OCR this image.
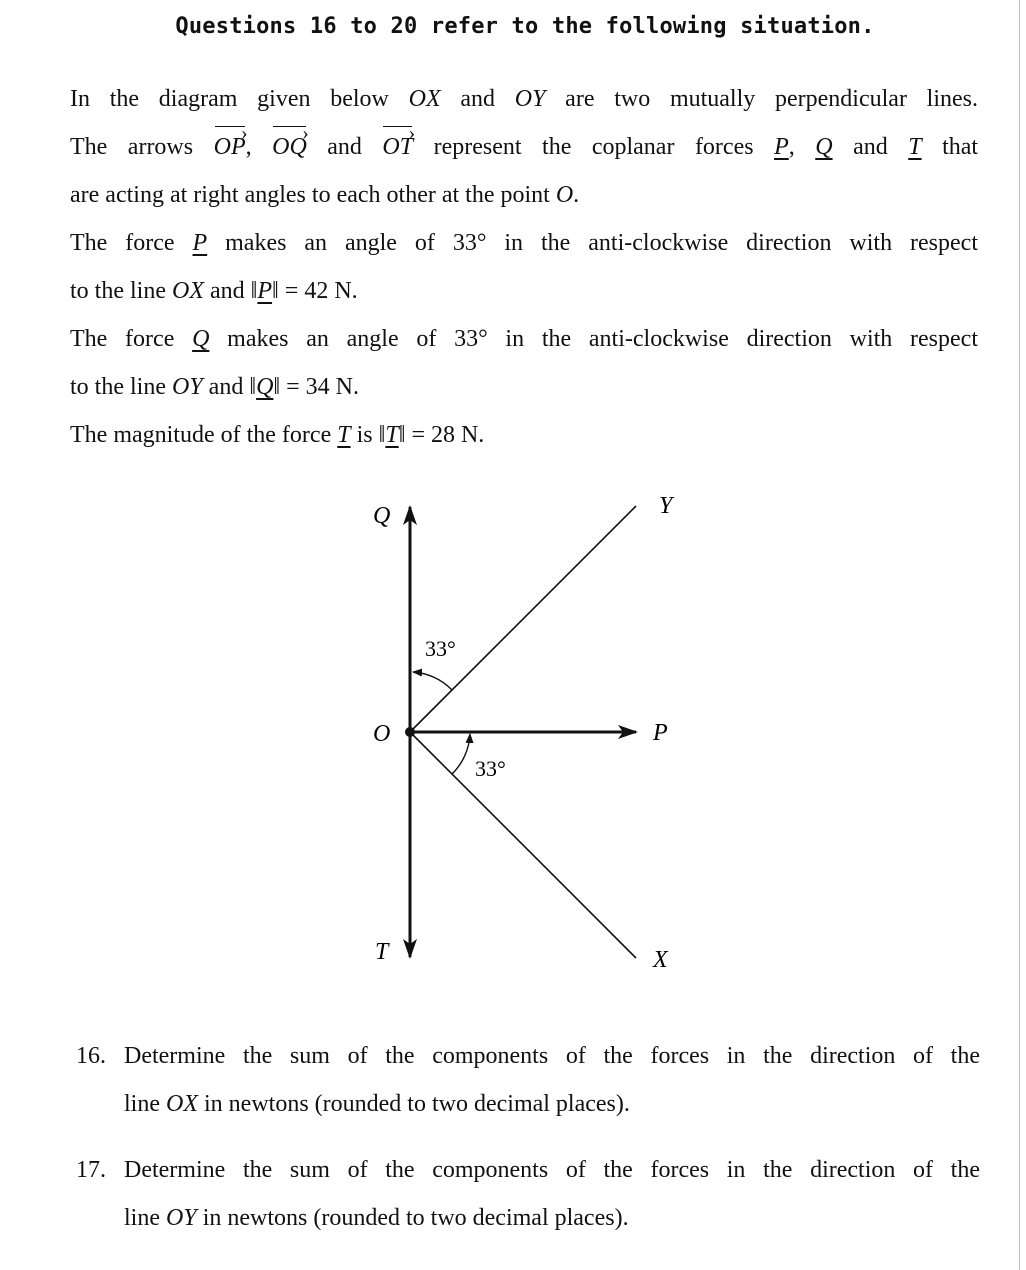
Questions 16 to 20 refer to the following situation.
In the diagram given below OX and OY are two mutually perpendicular lines.
The arrows OP ›, OQ › and OT › represent the coplanar forces P, Q and T that
are acting at right angles to each other at the point O.
The force P makes an angle of 33° in the anti-clockwise direction with respect
to the line OX and ‖P‖ = 42 N.
The force Q makes an angle of 33° in the anti-clockwise direction with respect
to the line OY and ‖Q‖ = 34 N.
The magnitude of the force T is ‖T‖ = 28 N.
Q	Y
O	P
T	X
33°
33°
16. Determine the sum of the components of the forces in the direction of the
line OX in newtons (rounded to two decimal places).
17. Determine the sum of the components of the forces in the direction of the
line OY in newtons (rounded to two decimal places).
